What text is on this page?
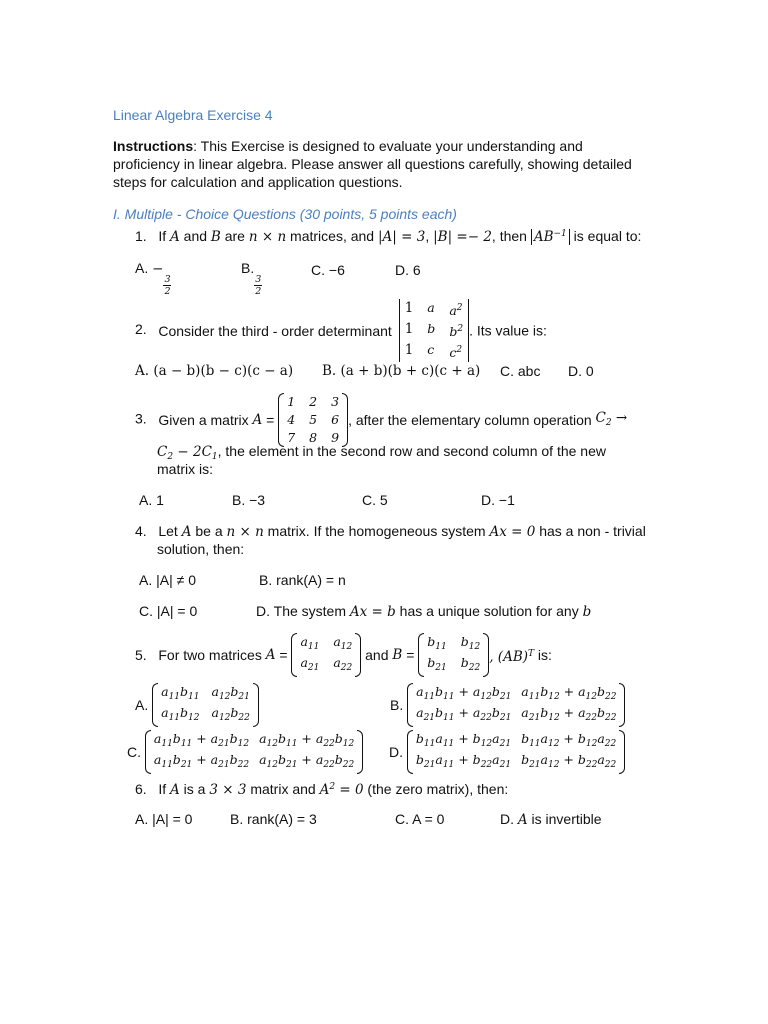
Linear Algebra Exercise 4
Instructions: This Exercise is designed to evaluate your understanding and
proficiency in linear algebra. Please answer all questions carefully, showing detailed
steps for calculation and application questions.
I. Multiple - Choice Questions (30 points, 5 points each)
1. If A and B are n × n matrices, and |A| = 3, |B| =− 2, then $AB^{-1}$ is equal to:
A. −
$\frac{3}{2}$
B.
$\frac{3}{2}$
C. −6	D. 6
2. Consider the third - order determinant
1 a $a^2$
1 b $b^2$
1 c $c^2$
. Its value is:
A. (a − b)(b − c)(c − a) B. (a + b)(b + c)(c + a) C. abc D. 0
3. Given a matrix A =
1 2 3
4 5 6
7 8 9
, after the elementary column operation $C_2$ →
$C_2 - 2C_1$, the element in the second row and second column of the new
matrix is:
A. 1	B. −3	C. 5	D. −1
4. Let A be a n × n matrix. If the homogeneous system Ax = 0 has a non - trivial
solution, then:
A. |A| ≠ 0	B. rank(A) = n
C. |A| = 0	D. The system Ax = b has a unique solution for any b
5. For two matrices A =
$a_{11}$ $a_{12}$
$a_{21}$ $a_{22}$
and B =
$b_{11}$ $b_{12}$
$b_{21}$ $b_{22}$
, (AB)$^T$ is:
A.
$a_{11}b_{11}$ $a_{12}b_{21}$
$a_{11}b_{12}$ $a_{12}b_{22}$
B.
$a_{11}b_{11} + a_{12}b_{21}$ $a_{11}b_{12} + a_{12}b_{22}$
$a_{21}b_{11} + a_{22}b_{21}$ $a_{21}b_{12} + a_{22}b_{22}$
C.
$a_{11}b_{11} + a_{21}b_{12}$ $a_{12}b_{11} + a_{22}b_{12}$
$a_{11}b_{21} + a_{21}b_{22}$ $a_{12}b_{21} + a_{22}b_{22}$
D.
$b_{11}a_{11} + b_{12}a_{21}$ $b_{11}a_{12} + b_{12}a_{22}$
$b_{21}a_{11} + b_{22}a_{21}$ $b_{21}a_{12} + b_{22}a_{22}$
6. If A is a 3 × 3 matrix and $A^2 = 0$ (the zero matrix), then:
A. |A| = 0	B. rank(A) = 3	C. A = 0	D. A is invertible
